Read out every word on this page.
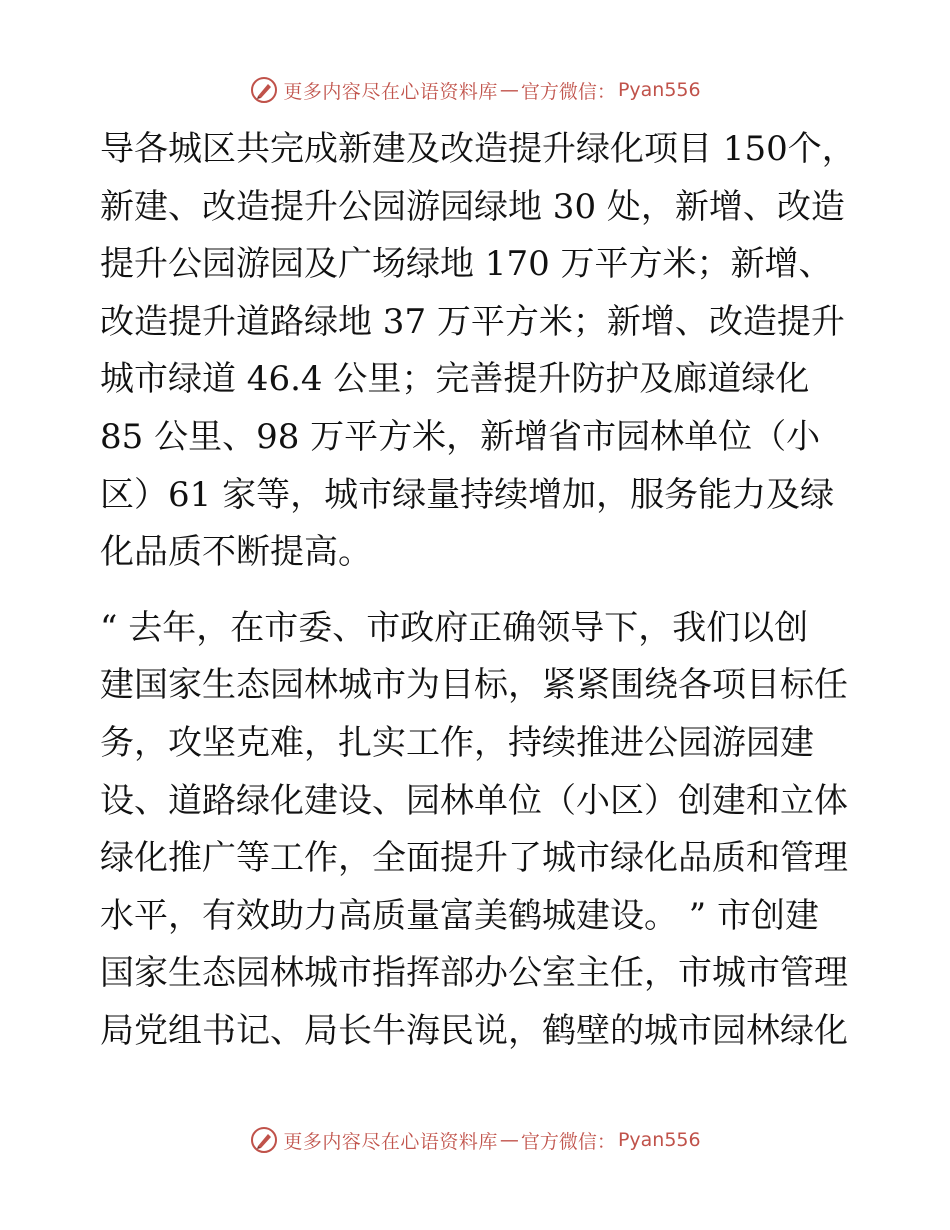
更多内容尽在心语资料库 — 官方微信： Pyan556
导各城区共完成新建及改造提升绿化项目 150个，
新建、改造提升公园游园绿地 30 处，新增、改造
提升公园游园及广场绿地 170 万平方米；新增、
改造提升道路绿地 37 万平方米；新增、改造提升
城市绿道 46.4 公里；完善提升防护及廊道绿化
85 公里、98 万平方米，新增省市园林单位（小
区）61 家等，城市绿量持续增加，服务能力及绿
化品质不断提高。
“ 去年，在市委、市政府正确领导下，我们以创
建国家生态园林城市为目标，紧紧围绕各项目标任
务，攻坚克难，扎实工作，持续推进公园游园建
设、道路绿化建设、园林单位（小区）创建和立体
绿化推广等工作，全面提升了城市绿化品质和管理
水平，有效助力高质量富美鹤城建设。 ” 市创建
国家生态园林城市指挥部办公室主任，市城市管理
局党组书记、局长牛海民说，鹤壁的城市园林绿化
更多内容尽在心语资料库 — 官方微信： Pyan556
